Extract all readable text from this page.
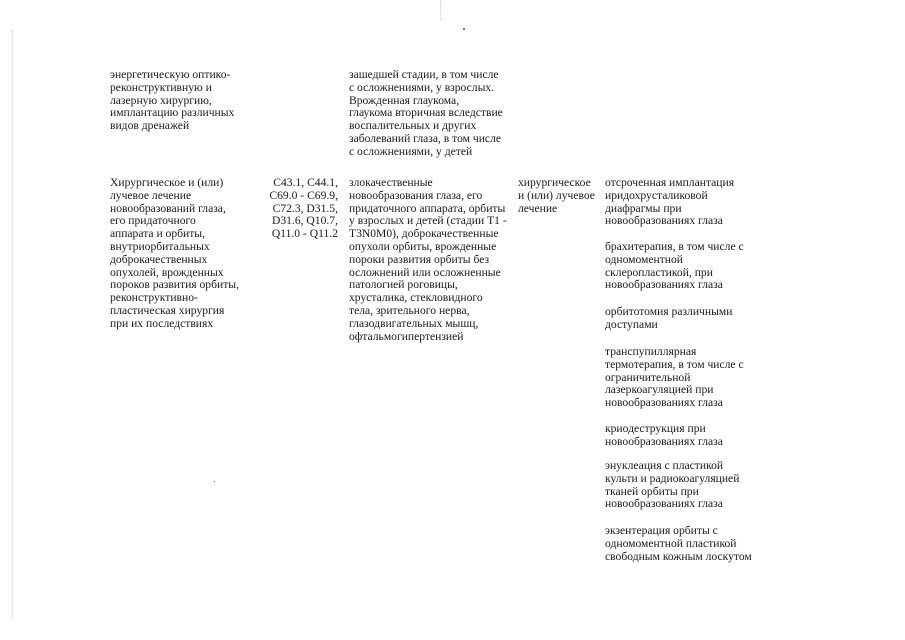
энергетическую оптико-
реконструктивную и
лазерную хирургию,
имплантацию различных
видов дренажей
зашедшей стадии, в том числе
с осложнениями, у взрослых.
Врожденная глаукома,
глаукома вторичная вследствие
воспалительных и других
заболеваний глаза, в том числе
с осложнениями, у детей
Хирургическое и (или)
лучевое лечение
новообразований глаза,
его придаточного
аппарата и орбиты,
внутриорбитальных
доброкачественных
опухолей, врожденных
пороков развития орбиты,
реконструктивно-
пластическая хирургия
при их последствиях
C43.1, C44.1,
C69.0 - C69.9,
C72.3, D31.5,
D31.6, Q10.7,
Q11.0 - Q11.2
злокачественные
новообразования глаза, его
придаточного аппарата, орбиты
у взрослых и детей (стадии T1 -
T3N0M0), доброкачественные
опухоли орбиты, врожденные
пороки развития орбиты без
осложнений или осложненные
патологией роговицы,
хрусталика, стекловидного
тела, зрительного нерва,
глазодвигательных мышц,
офтальмогипертензией
хирургическое
и (или) лучевое
лечение
отсроченная имплантация
иридохрусталиковой
диафрагмы при
новообразованиях глаза
брахитерапия, в том числе с
одномоментной
склеропластикой, при
новообразованиях глаза
орбитотомия различными
доступами
транспупиллярная
термотерапия, в том числе с
ограничительной
лазеркоагуляцией при
новообразованиях глаза
криодеструкция при
новообразованиях глаза
энуклеация с пластикой
культи и радиокоагуляцией
тканей орбиты при
новообразованиях глаза
экзентерация орбиты с
одномоментной пластикой
свободным кожным лоскутом
